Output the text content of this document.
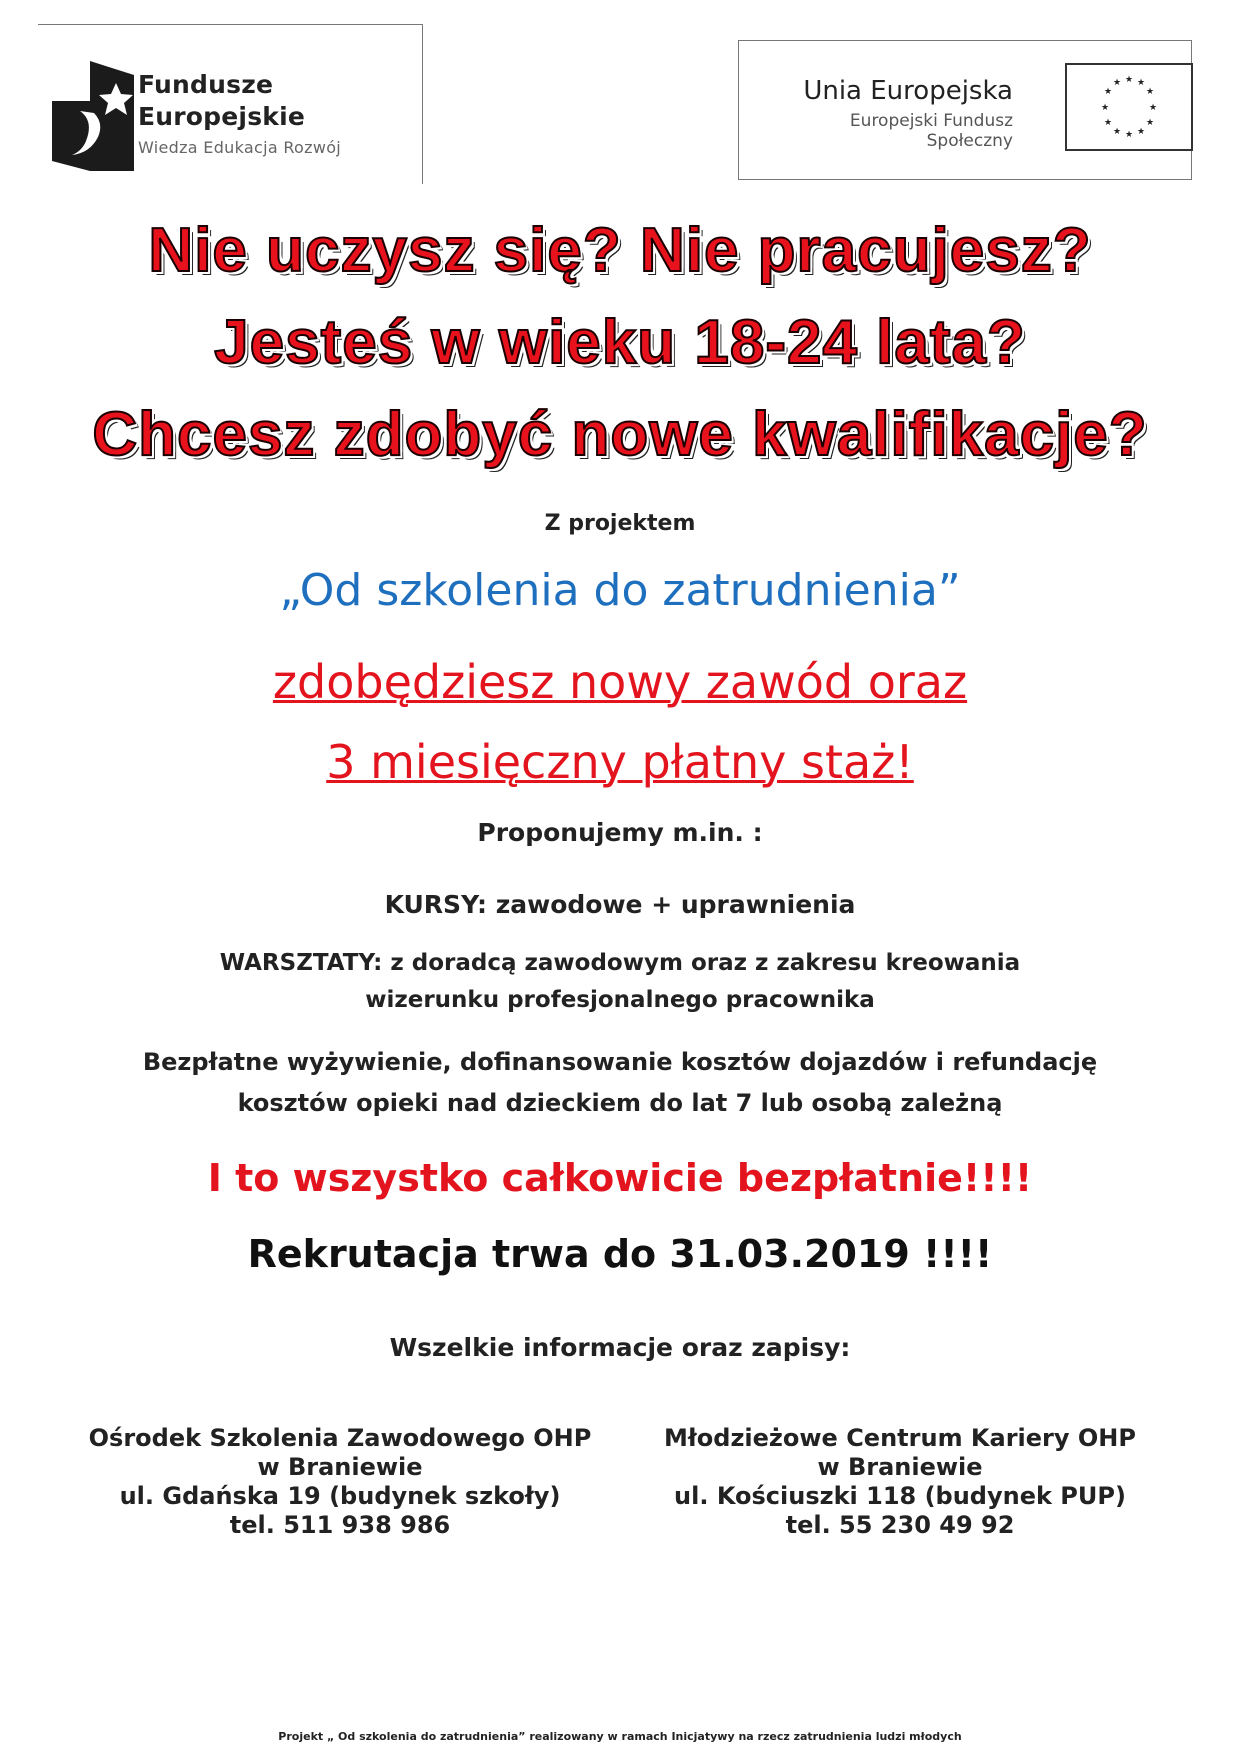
Fundusze
Europejskie
Wiedza Edukacja Rozwój
Unia Europejska
Europejski Fundusz Społeczny
★ ★
★
★
★
★
★
★
★
★
★
★
Nie uczysz się? Nie pracujesz?
Jesteś w wieku 18-24 lata?
Chcesz zdobyć nowe kwalifikacje?
Z projektem
„Od szkolenia do zatrudnienia”
zdobędziesz nowy zawód oraz
3 miesięczny płatny staż!
Proponujemy m.in. :
KURSY: zawodowe + uprawnienia
WARSZTATY: z doradcą zawodowym oraz z zakresu kreowania wizerunku profesjonalnego pracownika
Bezpłatne wyżywienie, dofinansowanie kosztów dojazdów i refundację kosztów opieki nad dzieckiem do lat 7 lub osobą zależną
I to wszystko całkowicie bezpłatnie!!!!
Rekrutacja trwa do 31.03.2019 !!!!
Wszelkie informacje oraz zapisy:
Ośrodek Szkolenia Zawodowego OHP
w Braniewie
ul. Gdańska 19 (budynek szkoły)
tel. 511 938 986
Młodzieżowe Centrum Kariery OHP
w Braniewie
ul. Kościuszki 118 (budynek PUP)
tel. 55 230 49 92
Projekt „ Od szkolenia do zatrudnienia” realizowany w ramach Inicjatywy na rzecz zatrudnienia ludzi młodych
